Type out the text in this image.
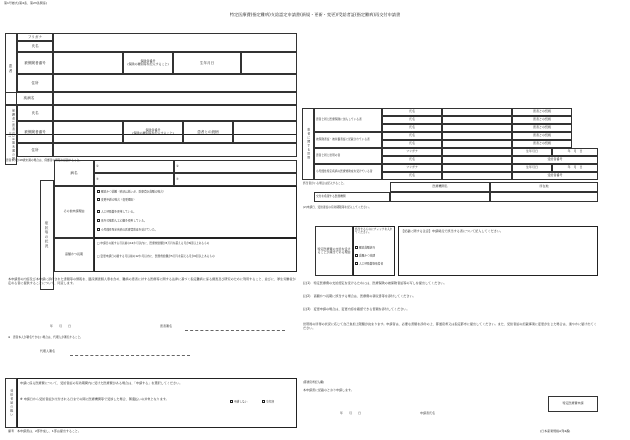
第1号様式(第4条、第23条関係)
特定医療費(指定難病)支給認定申請書(新規・更新・変更)/受給者証(指定難病)再交付申請書
患者
フリガナ
氏名
被保険者番号
保険者番号
(保険の種別等を記入すること)	生年月日
住所
疾病名
保護者(患者が18歳未満の場合)
氏名
被保険者番号
保険者番号
(保険の種別等を記入すること)	患者との続柄
住所
患者本人が18歳未満の場合は、保護者の情報を記載すること。	患者に関する世帯
患者と同じ医療保険に加入している者
被保険者証・被扶養者証に記載されている者
患者と同じ世帯の者
小児慢性特定疾病の医療費助成を受けている者
氏名	患者との続柄
氏名	患者との続柄
氏名	患者との続柄
氏名	患者との続柄
氏名	患者との続柄
フリガナ	生年月日	年　月　日
氏名	受給者番号
フリガナ	生年月日	年　月　日
氏名	受給者番号
該当者がいる場合は記入すること。
症状等の状況
病名
①	②
③	④
その他申請理由
軽症かつ高額（病状は低いが、医療費が高額の場合）
変更申請の場合（変更理由）
人工呼吸器を使用している。
体外式補助人工心臓を使用している。
小児慢性特定疾病の医療費助成を受けていた。
高額かつ長期
□ 申請日の属する月以前の12か月以内に、医療費総額が5万円を超える月が6回以上あるもの
□ 変更申請日の属する月以前の12か月以内に、医療費総額が5万円を超える月が6回以上あるもの
本申請書の内容及び本申請に添付された書類等の情報を、臨床調査個人票を含め、難病の患者に対する医療等に関する法律に基づく指定難病に係る調査及び研究のために利用すること、並びに、厚生労働省が定める者に提供することについて、同意します。
年　　月　　日	患者署名
※　患者本人が署名できない場合は、代理人が署名すること。
代理人署名
医療機関名	所在地
交付を希望する医療機関
(2)申請日、受給者証の有効期限等を記入してください。
特定医療費の支給を受けることが適当である理由
該当するものにチェックを入れてください。
軽症高額該当
高額かつ長期
人工呼吸器等装着者
【記載に関する注意】申請時点で該当する者について記入してください。
(注1)　特定医療費の支給認定を受けるためには、医療保険の被保険者証等の写しを提出してください。
(注2)　高額かつ長期に該当する場合は、医療費の領収書等を添付してください。
(注3)　変更申請の場合は、変更内容を確認できる書類を添付してください。
世帯員の所得の状況に応じて自己負担上限額が決まります。申請者は、必要な書類を添付の上、都道府県又は指定都市に提出してください。また、受給者証の記載事項に変更が生じた場合は、速やかに届け出てください。
受給者証の扱い
申請に係る医療費について、受給者証の有効期間内に受けた医療費がある場合は、「申請する」を選択してください。
※ 申請日から受給者証が交付される日までの間に医療機関等で受診した場合、償還払いの対象となります。
申請しない	交付済
(都道府県記入欄)
本申請書に記載のとおり申請します。
年　　月　　日	申請者氏名
特定医療費申請
備考　本申請書は、2部作成し、1部は提出すること。	(日本産業規格A列4番)
